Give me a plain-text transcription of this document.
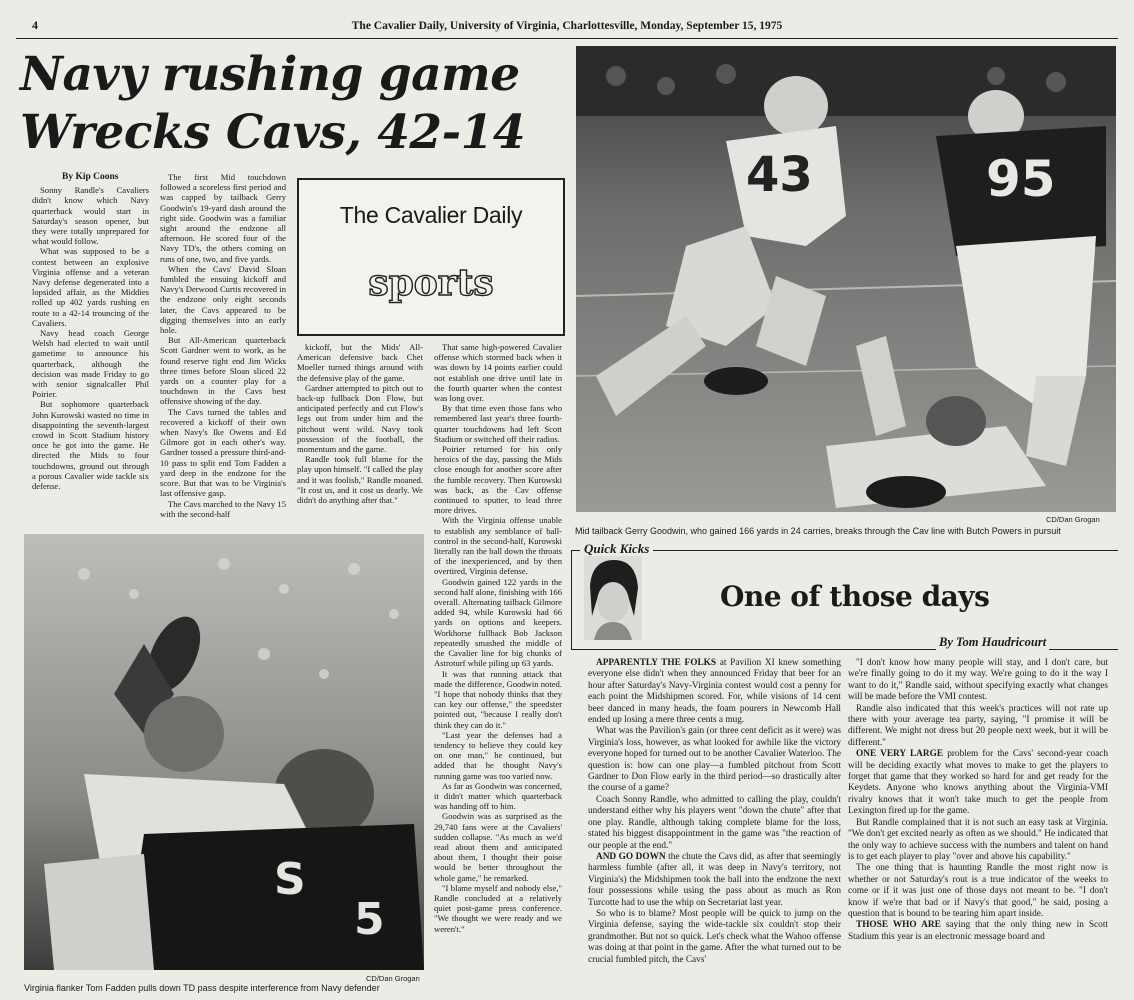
4	The Cavalier Daily, University of Virginia, Charlottesville, Monday, September 15, 1975
Navy rushing game
Wrecks Cavs, 42-14

By Kip Coons

Sonny Randle's Cavaliers didn't know which Navy quarterback would start in Saturday's season opener, but they were totally unprepared for what would follow.

What was supposed to be a contest between an explosive Virginia offense and a veteran Navy defense degenerated into a lopsided affair, as the Middies rolled up 402 yards rushing en route to a 42-14 trouncing of the Cavaliers.

Navy head coach George Welsh had elected to wait until gametime to announce his quarterback, although the decision was made Friday to go with senior signalcaller Phil Poirier.

But sophomore quarterback John Kurowski wasted no time in disappointing the seventh-largest crowd in Scott Stadium history once he got into the game. He directed the Mids to four touchdowns, ground out through a porous Cavalier wide tackle six defense.

The first Mid touchdown followed a scoreless first period and was capped by tailback Gerry Goodwin's 19-yard dash around the right side. Goodwin was a familiar sight around the endzone all afternoon. He scored four of the Navy TD's, the others coming on runs of one, two, and five yards.

When the Cavs' David Sloan fumbled the ensuing kickoff and Navy's Derwood Curtis recovered in the endzone only eight seconds later, the Cavs appeared to be digging themselves into an early hole.

But All-American quarterback Scott Gardner went to work, as he found reserve tight end Jim Wicks three times before Sloan sliced 22 yards on a counter play for a touchdown in the Cavs best offensive showing of the day.

The Cavs turned the tables and recovered a kickoff of their own when Navy's Ike Owens and Ed Gilmore got in each other's way. Gardner tossed a pressure third-and-10 pass to split end Tom Fadden a yard deep in the endzone for the score. But that was to be Virginia's last offensive gasp.

The Cavs marched to the Navy 15 with the second-half

The Cavalier Daily
sports

kickoff, but the Mids' All-American defensive back Chet Moeller turned things around with the defensive play of the game.

Gardner attempted to pitch out to back-up fullback Don Flow, but anticipated perfectly and cut Flow's legs out from under him and the pitchout went wild. Navy took possession of the football, the momentum and the game.

Randle took full blame for the play upon himself. "I called the play and it was foolish," Randle moaned. "It cost us, and it cost us dearly. We didn't do anything after that."

That same high-powered Cavalier offense which stormed back when it was down by 14 points earlier could not establish one drive until late in the fourth quarter when the contest was long over.

By that time even those fans who remembered last year's three fourth-quarter touchdowns had left Scott Stadium or switched off their radios.

Poirier returned for his only heroics of the day, passing the Mids close enough for another score after the fumble recovery. Then Kurowski was back, as the Cav offense continued to sputter, to lead three more drives.

With the Virginia offense unable to establish any semblance of ball-control in the second-half, Kurowski literally ran the ball down the throats of the inexperienced, and by then overtired, Virginia defense.

Goodwin gained 122 yards in the second half alone, finishing with 166 overall. Alternating tailback Gilmore added 94, while Kurowski had 66 yards on options and keepers. Workhorse fullback Bob Jackson repeatedly smashed the middle of the Cavalier line for big chunks of Astroturf while piling up 63 yards.

It was that running attack that made the difference, Goodwin noted. "I hope that nobody thinks that they can key our offense," the speedster pointed out, "because I really don't think they can do it."

"Last year the defenses had a tendency to believe they could key on one man," he continued, but added that he thought Navy's running game was too varied now.

As far as Goodwin was concerned, it didn't matter which quarterback was handing off to him.

Goodwin was as surprised as the 29,740 fans were at the Cavaliers' sudden collapse. "As much as we'd read about them and anticipated about them, I thought their poise would be better throughout the whole game," he remarked.

"I blame myself and nobody else," Randle concluded at a relatively quiet post-game press conference. "We thought we were ready and we weren't."

43	95
CD/Dan Grogan
Mid tailback Gerry Goodwin, who gained 166 yards in 24 carries, breaks through the Cav line with Butch Powers in pursuit
S
5
CD/Dan Grogan
Virginia flanker Tom Fadden pulls down TD pass despite interference from Navy defender
Quick Kicks
One of those days
By Tom Haudricourt

APPARENTLY THE FOLKS at Pavilion XI knew something everyone else didn't when they announced Friday that beer for an hour after Saturday's Navy-Virginia contest would cost a penny for each point the Midshipmen scored. For, while visions of 14 cent beer danced in many heads, the foam pourers in Newcomb Hall ended up losing a mere three cents a mug.

What was the Pavilion's gain (or three cent deficit as it were) was Virginia's loss, however, as what looked for awhile like the victory everyone hoped for turned out to be another Cavalier Waterloo. The question is: how can one play—a fumbled pitchout from Scott Gardner to Don Flow early in the third period—so drastically alter the course of a game?

Coach Sonny Randle, who admitted to calling the play, couldn't understand either why his players went "down the chute" after that one play. Randle, although taking complete blame for the loss, stated his biggest disappointment in the game was "the reaction of our people at the end."

AND GO DOWN the chute the Cavs did, as after that seemingly harmless fumble (after all, it was deep in Navy's territory, not Virginia's) the Midshipmen took the ball into the endzone the next four possessions while using the pass about as much as Ron Turcotte had to use the whip on Secretariat last year.

So who is to blame? Most people will be quick to jump on the Virginia defense, saying the wide-tackle six couldn't stop their grandmother. But not so quick. Let's check what the Wahoo offense was doing at that point in the game. After the what turned out to be crucial fumbled pitch, the Cavs'

"I don't know how many people will stay, and I don't care, but we're finally going to do it my way. We're going to do it the way I want to do it," Randle said, without specifying exactly what changes will be made before the VMI contest.

Randle also indicated that this week's practices will not rate up there with your average tea party, saying, "I promise it will be different. We might not dress but 20 people next week, but it will be different."

ONE VERY LARGE problem for the Cavs' second-year coach will be deciding exactly what moves to make to get the players to forget that game that they worked so hard for and get ready for the Keydets. Anyone who knows anything about the Virginia-VMI rivalry knows that it won't take much to get the people from Lexington fired up for the game.

But Randle complained that it is not such an easy task at Virginia. "We don't get excited nearly as often as we should." He indicated that the only way to achieve success with the numbers and talent on hand is to get each player to play "over and above his capability."

The one thing that is haunting Randle the most right now is whether or not Saturday's rout is a true indicator of the weeks to come or if it was just one of those days not meant to be. "I don't know if we're that bad or if Navy's that good," he said, posing a question that is bound to be tearing him apart inside.

THOSE WHO ARE saying that the only thing new in Scott Stadium this year is an electronic message board and
